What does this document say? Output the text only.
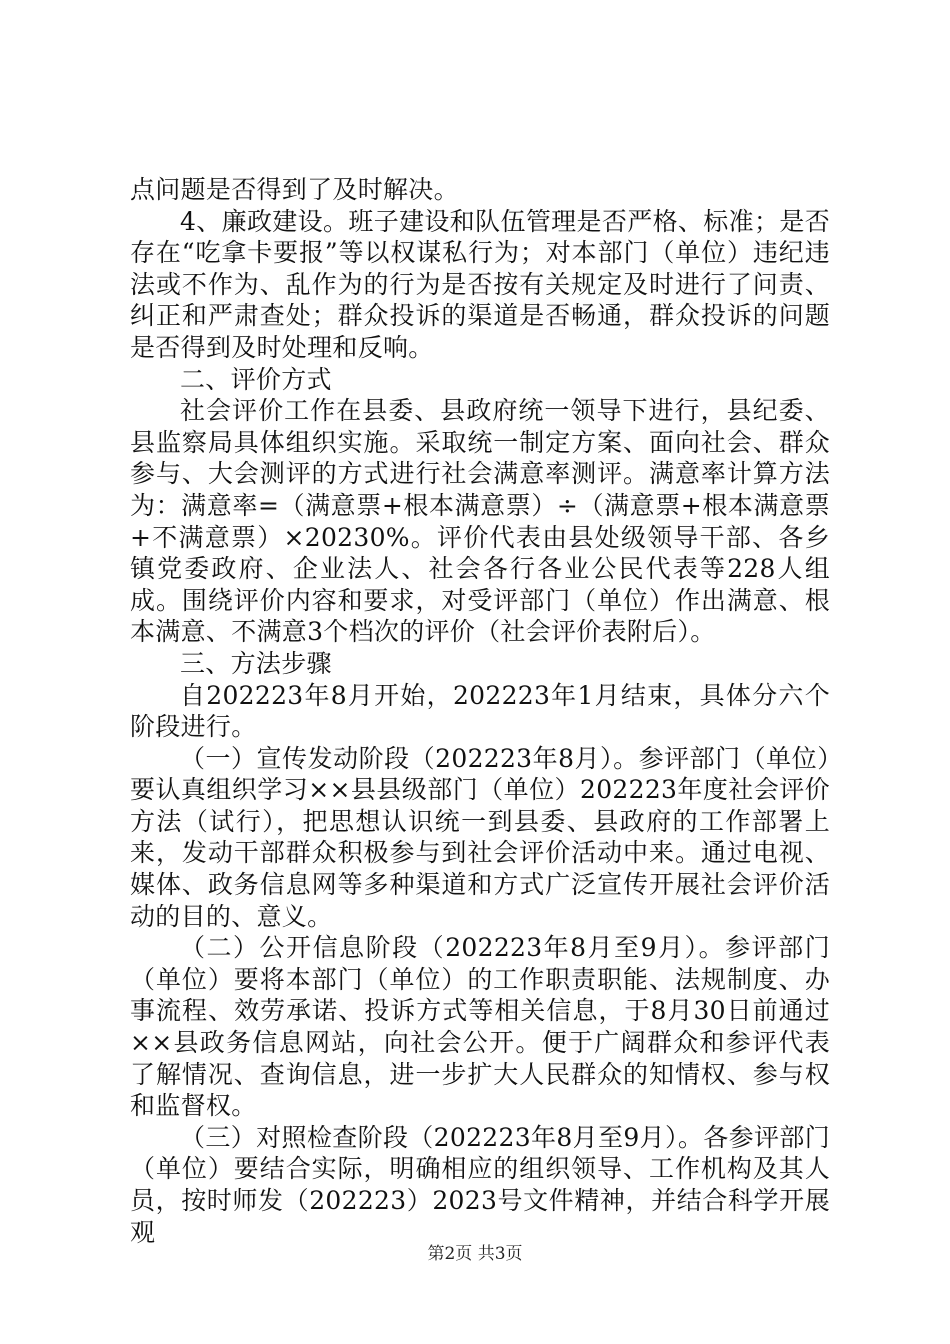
点问题是否得到了及时解决。

4、廉政建设。班子建设和队伍管理是否严格、标准；是否存在“吃拿卡要报”等以权谋私行为；对本部门（单位）违纪违法或不作为、乱作为的行为是否按有关规定及时进行了问责、纠正和严肃查处；群众投诉的渠道是否畅通，群众投诉的问题是否得到及时处理和反响。

二、评价方式

社会评价工作在县委、县政府统一领导下进行，县纪委、县监察局具体组织实施。采取统一制定方案、面向社会、群众参与、大会测评的方式进行社会满意率测评。满意率计算方法为：满意率=（满意票+根本满意票）÷（满意票+根本满意票+不满意票）×20230%。评价代表由县处级领导干部、各乡镇党委政府、企业法人、社会各行各业公民代表等228人组成。围绕评价内容和要求，对受评部门（单位）作出满意、根本满意、不满意3个档次的评价（社会评价表附后）。

三、方法步骤

自202223年8月开始，202223年1月结束，具体分六个阶段进行。

（一）宣传发动阶段（202223年8月）。参评部门（单位）要认真组织学习××县县级部门（单位）202223年度社会评价方法（试行），把思想认识统一到县委、县政府的工作部署上来，发动干部群众积极参与到社会评价活动中来。通过电视、媒体、政务信息网等多种渠道和方式广泛宣传开展社会评价活动的目的、意义。

（二）公开信息阶段（202223年8月至9月）。参评部门（单位）要将本部门（单位）的工作职责职能、法规制度、办事流程、效劳承诺、投诉方式等相关信息，于8月30日前通过××县政务信息网站，向社会公开。便于广阔群众和参评代表了解情况、查询信息，进一步扩大人民群众的知情权、参与权和监督权。

（三）对照检查阶段（202223年8月至9月）。各参评部门（单位）要结合实际，明确相应的组织领导、工作机构及其人员，按时师发（202223）2023号文件精神，并结合科学开展观

第2页 共3页
